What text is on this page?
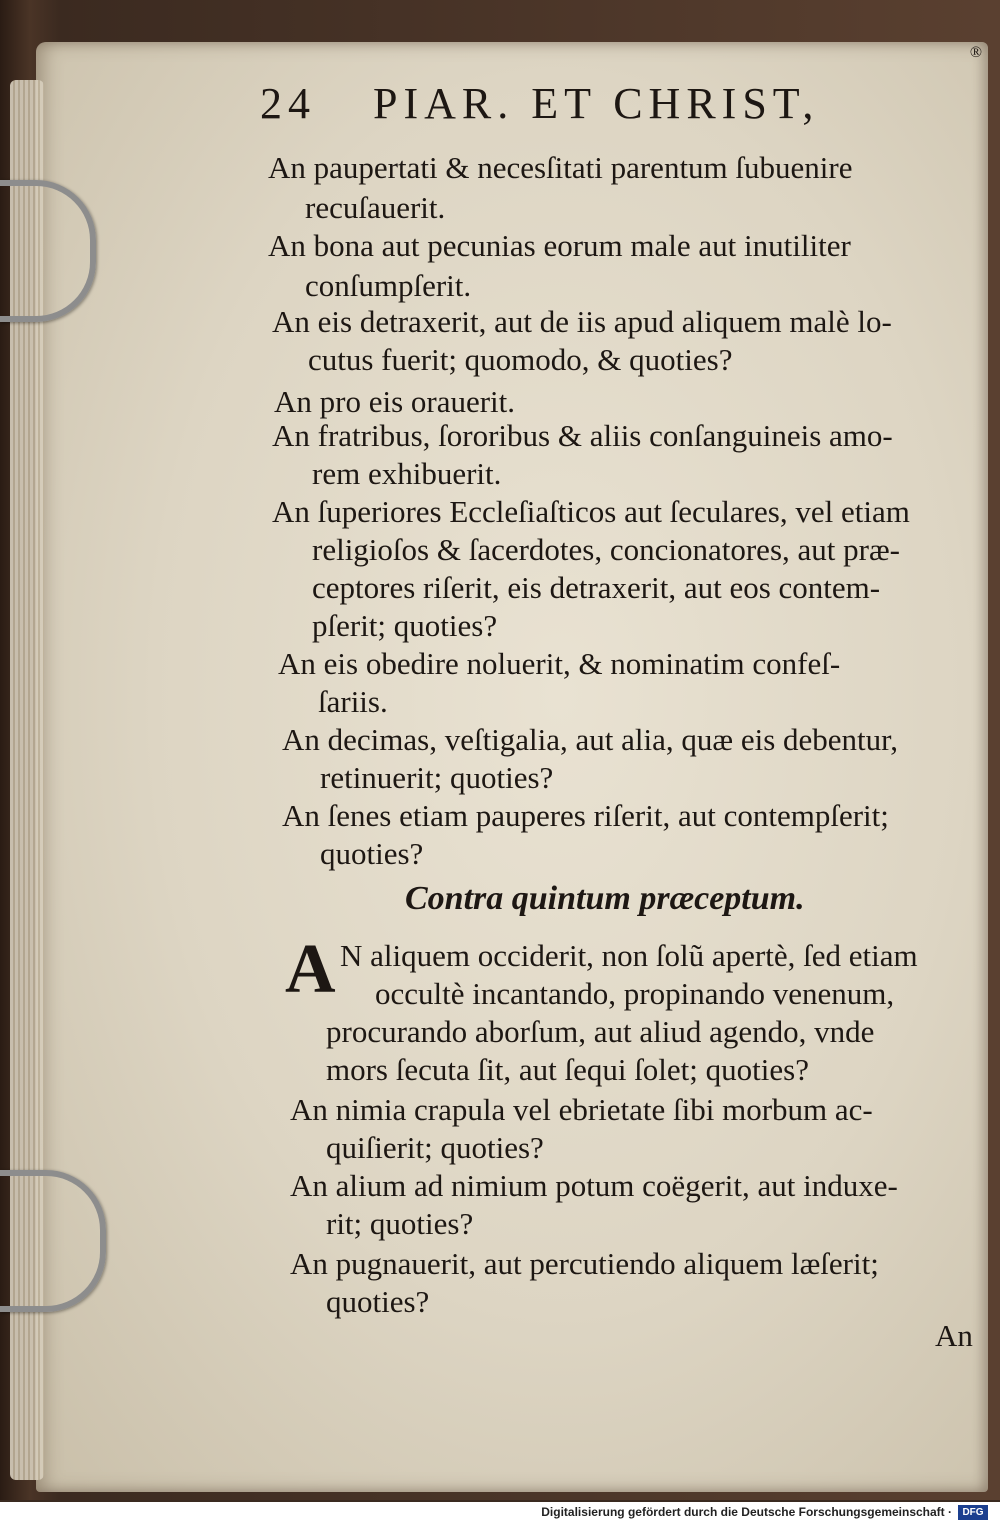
®
24 PIAR. ET CHRIST,
An paupertati & necesſitati parentum ſubuenire
recuſauerit.
An bona aut pecunias eorum male aut inutiliter
conſumpſerit.
An eis detraxerit, aut de iis apud aliquem malè lo-
cutus fuerit; quomodo, & quoties?
An pro eis orauerit.
An fratribus, ſororibus & aliis conſanguineis amo-
rem exhibuerit.
An ſuperiores Eccleſiaſticos aut ſeculares, vel etiam
religioſos & ſacerdotes, concionatores, aut præ-
ceptores riſerit, eis detraxerit, aut eos contem-
pſerit; quoties?
An eis obedire noluerit, & nominatim confeſ-
ſariis.
An decimas, veſtigalia, aut alia, quæ eis debentur,
retinuerit; quoties?
An ſenes etiam pauperes riſerit, aut contempſerit;
quoties?
Contra quintum præceptum.
A N aliquem occiderit, non ſolũ apertè, ſed etiam
occultè incantando, propinando venenum,
procurando aborſum, aut aliud agendo, vnde
mors ſecuta ſit, aut ſequi ſolet; quoties?
An nimia crapula vel ebrietate ſibi morbum ac-
quiſierit; quoties?
An alium ad nimium potum coëgerit, aut induxe-
rit; quoties?
An pugnauerit, aut percutiendo aliquem læſerit;
quoties?
An
Digitalisierung gefördert durch die Deutsche Forschungsgemeinschaft ·	DFG
